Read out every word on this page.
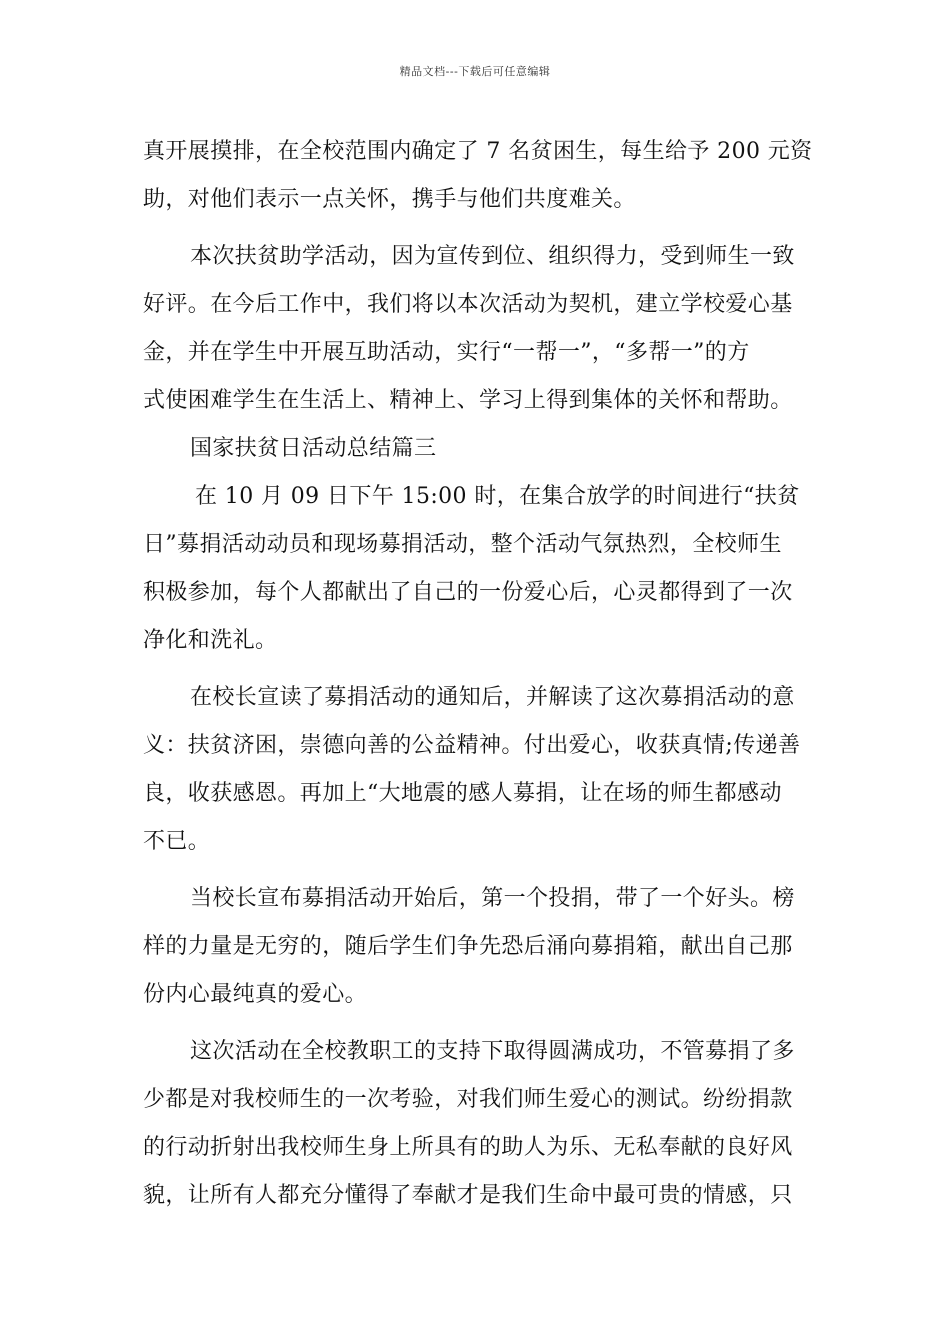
精品文档---下载后可任意编辑
真开展摸排，在全校范围内确定了 7 名贫困生，每生给予 200 元资
助，对他们表示一点关怀，携手与他们共度难关。
本次扶贫助学活动，因为宣传到位、组织得力，受到师生一致
好评。在今后工作中，我们将以本次活动为契机，建立学校爱心基
金，并在学生中开展互助活动，实行“一帮一”，“多帮一”的方
式使困难学生在生活上、精神上、学习上得到集体的关怀和帮助。
国家扶贫日活动总结篇三
在 10 月 09 日下午 15:00 时，在集合放学的时间进行“扶贫
日”募捐活动动员和现场募捐活动，整个活动气氛热烈，全校师生
积极参加，每个人都献出了自己的一份爱心后，心灵都得到了一次
净化和洗礼。
在校长宣读了募捐活动的通知后，并解读了这次募捐活动的意
义：扶贫济困，崇德向善的公益精神。付出爱心，收获真情;传递善
良，收获感恩。再加上“大地震的感人募捐，让在场的师生都感动
不已。
当校长宣布募捐活动开始后，第一个投捐，带了一个好头。榜
样的力量是无穷的，随后学生们争先恐后涌向募捐箱，献出自己那
份内心最纯真的爱心。
这次活动在全校教职工的支持下取得圆满成功，不管募捐了多
少都是对我校师生的一次考验，对我们师生爱心的测试。纷纷捐款
的行动折射出我校师生身上所具有的助人为乐、无私奉献的良好风
貌，让所有人都充分懂得了奉献才是我们生命中最可贵的情感，只
